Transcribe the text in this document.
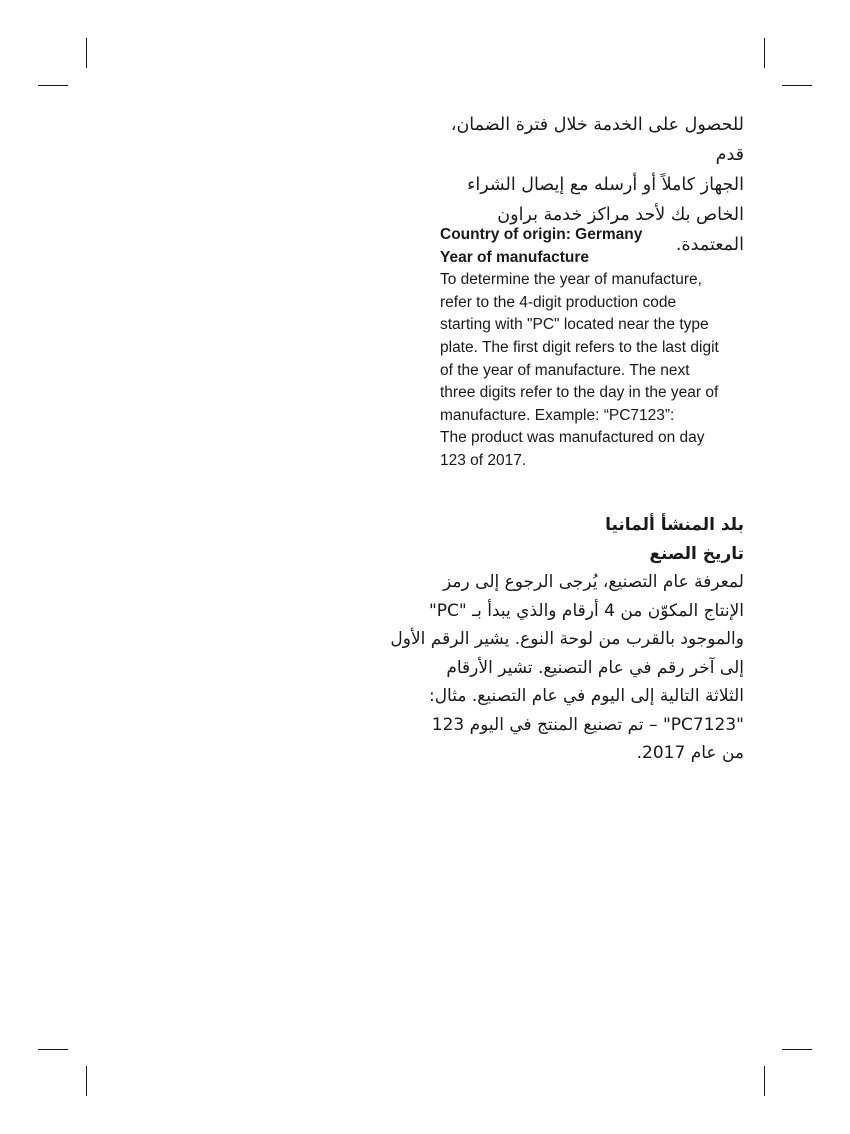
للحصول على الخدمة خلال فترة الضمان، قدم

الجهاز كاملاً أو أرسله مع إيصال الشراء

الخاص بك لأحد مراكز خدمة براون المعتمدة.

Country of origin: Germany

Year of manufacture

To determine the year of manufacture,

refer to the 4-digit production code

starting with "PC" located near the type

plate. The first digit refers to the last digit

of the year of manufacture. The next

three digits refer to the day in the year of

manufacture. Example: “PC7123”:

The product was manufactured on day

123 of 2017.

بلد المنشأ ألمانيا

تاريخ الصنع

لمعرفة عام التصنيع، يُرجى الرجوع إلى رمز

الإنتاج المكوّن من 4 أرقام والذي يبدأ بـ "PC"

والموجود بالقرب من لوحة النوع. يشير الرقم الأول

إلى آخر رقم في عام التصنيع. تشير الأرقام

الثلاثة التالية إلى اليوم في عام التصنيع. مثال:

"PC7123" – تم تصنيع المنتج في اليوم 123

من عام 2017.
